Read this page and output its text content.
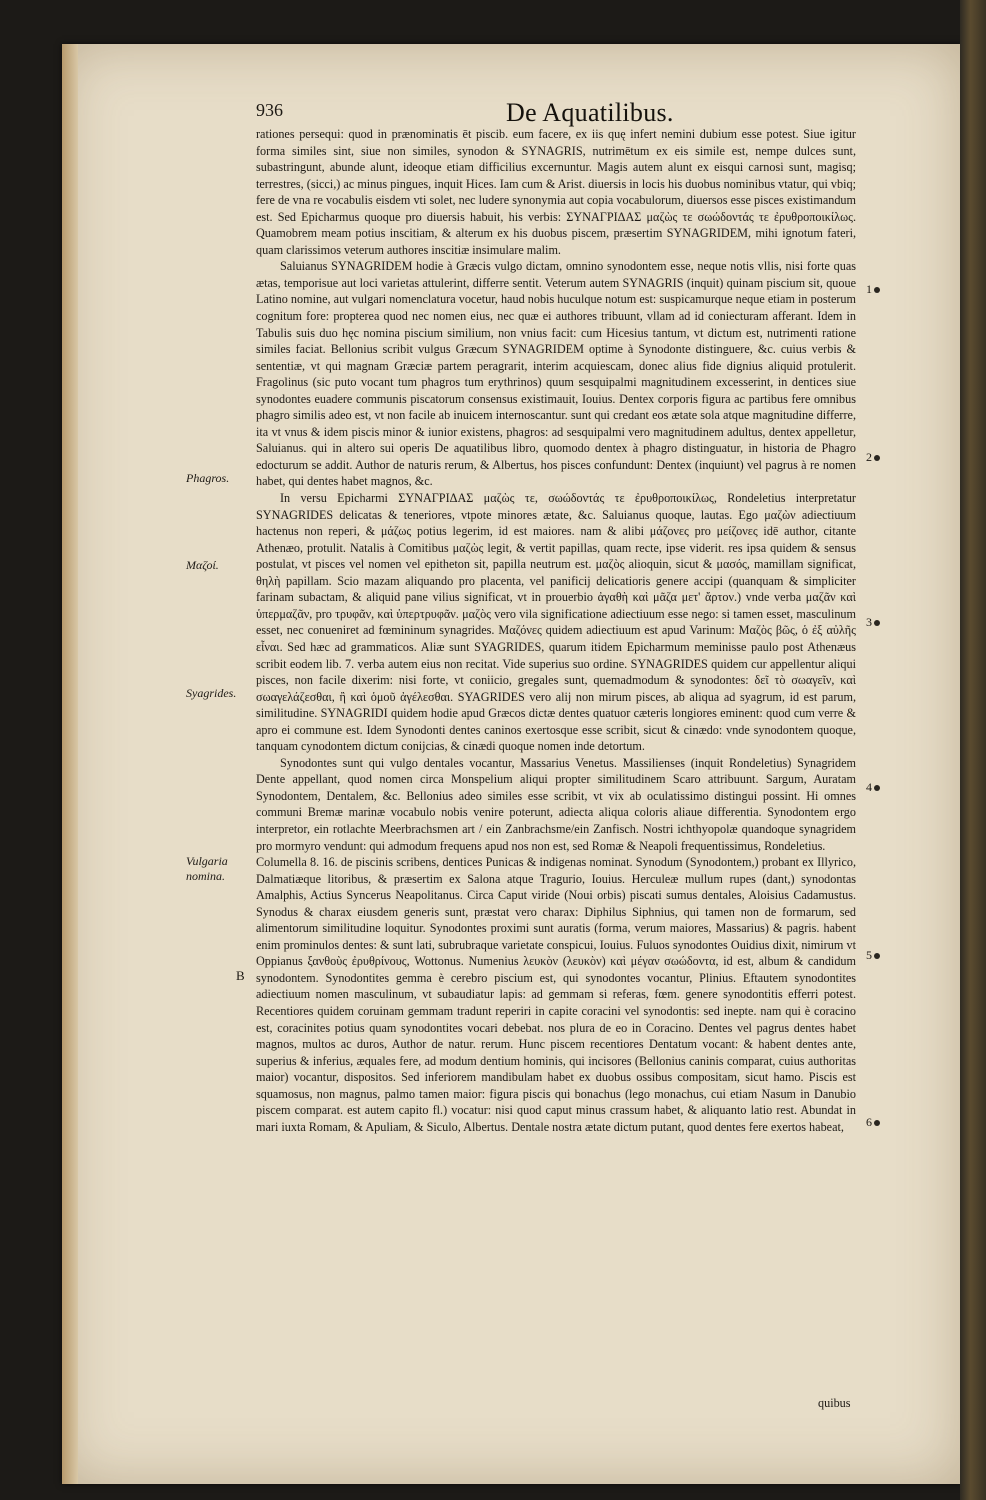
936	De Aquatilibus.

rationes persequi: quod in prænominatis ēt piscib. eum facere, ex iis quę infert nemini dubium esse potest. Siue igitur forma similes sint, siue non similes, synodon & SYNAGRIS, nutrimētum ex eis simile est, nempe dulces sunt, subastringunt, abunde alunt, ideoque etiam difficilius excernuntur. Magis autem alunt ex eisqui carnosi sunt, magisq; terrestres, (sicci,) ac minus pingues, inquit Hices. Iam cum & Arist. diuersis in locis his duobus nominibus vtatur, qui vbiq; fere de vna re vocabulis eisdem vti solet, nec ludere synonymia aut copia vocabulorum, diuersos esse pisces existimandum est. Sed Epicharmus quoque pro diuersis habuit, his verbis: ΣΥΝΑΓΡΙΔΑΣ μαζὼς τε σωώδοντάς τε ἐρυθροποικίλως. Quamobrem meam potius inscitiam, & alterum ex his duobus piscem, præsertim SYNAGRIDEM, mihi ignotum fateri, quam clarissimos veterum authores inscitiæ insimulare malim.

Saluianus SYNAGRIDEM hodie à Græcis vulgo dictam, omnino synodontem esse, neque notis vllis, nisi forte quas ætas, temporisue aut loci varietas attulerint, differre sentit. Veterum autem SYNAGRIS (inquit) quinam piscium sit, quoue Latino nomine, aut vulgari nomenclatura vocetur, haud nobis huculque notum est: suspicamurque neque etiam in posterum cognitum fore: propterea quod nec nomen eius, nec quæ ei authores tribuunt, vllam ad id coniecturam afferant. Idem in Tabulis suis duo hęc nomina piscium similium, non vnius facit: cum Hicesius tantum, vt dictum est, nutrimenti ratione similes faciat. Bellonius scribit vulgus Græcum SYNAGRIDEM optime à Synodonte distinguere, &c. cuius verbis & sententiæ, vt qui magnam Græciæ partem peragrarit, interim acquiescam, donec alius fide dignius aliquid protulerit. Fragolinus (sic puto vocant tum phagros tum erythrinos) quum sesquipalmi magnitudinem excesserint, in dentices siue synodontes euadere communis piscatorum consensus existimauit, Iouius. Dentex corporis figura ac partibus fere omnibus phagro similis adeo est, vt non facile ab inuicem internoscantur. sunt qui credant eos ætate sola atque magnitudine differre, ita vt vnus & idem piscis minor & iunior existens, phagros: ad sesquipalmi vero magnitudinem adultus, dentex appelletur, Saluianus. qui in altero sui operis De aquatilibus libro, quomodo dentex à phagro distinguatur, in historia de Phagro edocturum se addit. Author de naturis rerum, & Albertus, hos pisces confundunt: Dentex (inquiunt) vel pagrus à re nomen habet, qui dentes habet magnos, &c.

In versu Epicharmi ΣΥΝΑΓΡΙΔΑΣ μαζὼς τε, σωώδοντάς τε ἐρυθροποικίλως, Rondeletius interpretatur SYNAGRIDES delicatas & teneriores, vtpote minores ætate, &c. Saluianus quoque, lautas. Ego μαζὼν adiectiuum hactenus non reperi, & μάζως potius legerim, id est maiores. nam & alibi μάζονες pro μείζονες idē author, citante Athenæo, protulit. Natalis à Comitibus μαζὼς legit, & vertit papillas, quam recte, ipse viderit. res ipsa quidem & sensus postulat, vt pisces vel nomen vel epitheton sit, papilla neutrum est. μαζὸς alioquin, sicut & μασός, mamillam significat, θηλὴ papillam. Scio mazam aliquando pro placenta, vel panificij delicatioris genere accipi (quanquam & simpliciter farinam subactam, & aliquid pane vilius significat, vt in prouerbio ἀγαθὴ καὶ μᾶζα μετ' ἄρτον.) vnde verba μαζᾶν καὶ ὑπερμαζᾶν, pro τρυφᾶν, καὶ ὑπερτρυφᾶν. μαζὸς vero vila significatione adiectiuum esse nego: si tamen esset, masculinum esset, nec conueniret ad fœmininum synagrides. Μαζόνες quidem adiectiuum est apud Varinum: Μαζὸς βῶς, ὁ ἐξ αὐλῆς εἶναι. Sed hæc ad grammaticos. Aliæ sunt SYAGRIDES, quarum itidem Epicharmum meminisse paulo post Athenæus scribit eodem lib. 7. verba autem eius non recitat. Vide superius suo ordine. SYNAGRIDES quidem cur appellentur aliqui pisces, non facile dixerim: nisi forte, vt coniicio, gregales sunt, quemadmodum & synodontes: δεῖ τὸ σωαγεῖν, καὶ σωαγελάζεσθαι, ἢ καὶ ὁμοῦ ἀγέλεσθαι. SYAGRIDES vero alij non mirum pisces, ab aliqua ad syagrum, id est parum, similitudine. SYNAGRIDI quidem hodie apud Græcos dictæ dentes quatuor cæteris longiores eminent: quod cum verre & apro ei commune est. Idem Synodonti dentes caninos exertosque esse scribit, sicut & cinædo: vnde synodontem quoque, tanquam cynodontem dictum conijcias, & cinædi quoque nomen inde detortum.

Synodontes sunt qui vulgo dentales vocantur, Massarius Venetus. Massilienses (inquit Rondeletius) Synagridem Dente appellant, quod nomen circa Monspelium aliqui propter similitudinem Scaro attribuunt. Sargum, Auratam Synodontem, Dentalem, &c. Bellonius adeo similes esse scribit, vt vix ab oculatissimo distingui possint. Hi omnes communi Bremæ marinæ vocabulo nobis venire poterunt, adiecta aliqua coloris aliaue differentia. Synodontem ergo interpretor, ein rotlachte Meerbrachsmen art / ein Zanbrachsme/ein Zanfisch. Nostri ichthyopolæ quandoque synagridem pro mormyro vendunt: qui admodum frequens apud nos non est, sed Romæ & Neapoli frequentissimus, Rondeletius.

Columella 8. 16. de piscinis scribens, dentices Punicas & indigenas nominat. Synodum (Synodontem,) probant ex Illyrico, Dalmatiæque litoribus, & præsertim ex Salona atque Tragurio, Iouius. Herculeæ mullum rupes (dant,) synodontas Amalphis, Actius Syncerus Neapolitanus. Circa Caput viride (Noui orbis) piscati sumus dentales, Aloisius Cadamustus. Synodus & charax eiusdem generis sunt, præstat vero charax: Diphilus Siphnius, qui tamen non de formarum, sed alimentorum similitudine loquitur. Synodontes proximi sunt auratis (forma, verum maiores, Massarius) & pagris. habent enim prominulos dentes: & sunt lati, subrubraque varietate conspicui, Iouius. Fuluos synodontes Ouidius dixit, nimirum vt Oppianus ξανθοὺς ἐρυθρίνους, Wottonus. Numenius λευκὸν (λευκὸν) καὶ μέγαν σωώδοντα, id est, album & candidum synodontem. Synodontites gemma è cerebro piscium est, qui synodontes vocantur, Plinius. Eftautem synodontites adiectiuum nomen masculinum, vt subaudiatur lapis: ad gemmam si referas, fœm. genere synodontitis efferri potest. Recentiores quidem coruinam gemmam tradunt reperiri in capite coracini vel synodontis: sed inepte. nam qui è coracino est, coracinites potius quam synodontites vocari debebat. nos plura de eo in Coracino. Dentes vel pagrus dentes habet magnos, multos ac duros, Author de natur. rerum. Hunc piscem recentiores Dentatum vocant: & habent dentes ante, superius & inferius, æquales fere, ad modum dentium hominis, qui incisores (Bellonius caninis comparat, cuius authoritas maior) vocantur, dispositos. Sed inferiorem mandibulam habet ex duobus ossibus compositam, sicut hamo. Piscis est squamosus, non magnus, palmo tamen maior: figura piscis qui bonachus (lego monachus, cui etiam Nasum in Danubio piscem comparat. est autem capito fl.) vocatur: nisi quod caput minus crassum habet, & aliquanto latio rest. Abundat in mari iuxta Romam, & Apuliam, & Siculo, Albertus. Dentale nostra ætate dictum putant, quod dentes fere exertos habeat,

Phagros.
Μαζοί.
Syagrides.
Vulgaria nomina.
B
1
2
3
4
5
6
quibus
